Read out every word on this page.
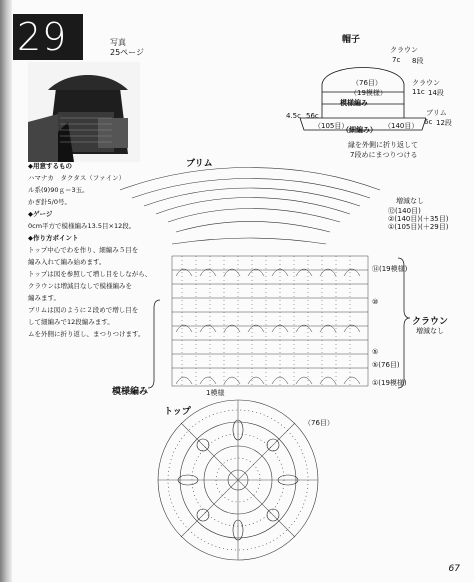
29	写真
25ページ
◆用意するもの
ハマナカ　タクタス（ファイン）
ル系(9)90ｇ＝3玉。
かぎ針5/0号。
◆ゲージ
0cm平方で模様編み13.5目×12段。
◆作り方ポイント
トップ中心でわを作り、細編み５目を
編み入れて編み始めます。
トップは図を参照して増し目をしながら、
クラウンは増減目なしで模様編みを
編みます。
ブリムは図のように２段めで増し目を
して細編みで12段編みます。
ムを外側に折り返し、まつりつけます。
帽子
クラウン
7c 8段
クラウン
11c 14段
（76目）
（19模様）
模様編み
4.5c 56c
（105目）	（140目）
ブリム
6c 12段
（細編み）
縁を外側に折り返して
7段めにまつりつける
ブリム
増減なし
⑫(140目)
②(140目)(＋35目)
①(105目)(＋29目)
クラウン
増減なし
⑭(19模様)
⑩
⑤
⑤(76目)
①(19模様)
1模様
模様編み
トップ
（76目）
67
